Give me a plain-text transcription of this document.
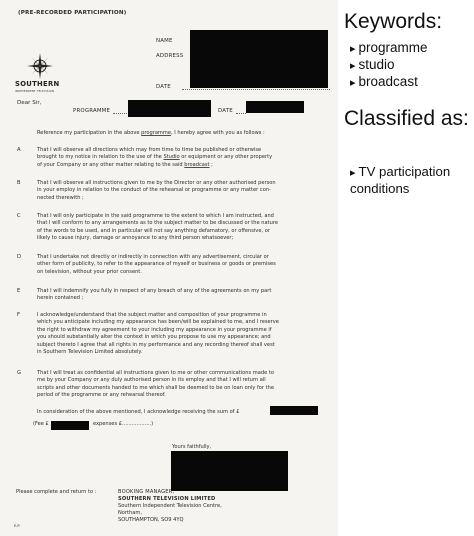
(PRE-RECORDED PARTICIPATION)

NAME

ADDRESS

DATE

SOUTHERN

INDEPENDENT TELEVISION

Dear Sir,

PROGRAMME	DATE

Reference my participation in the above programme, I hereby agree with you as follows :

A	That I will observe all directions which may from time to time be published or otherwise

brought to my notice in relation to the use of the Studio or equipment or any other property

of your Company or any other matter relating to the said broadcast ;

B	That I will observe all instructions given to me by the Director or any other authorised person

in your employ in relation to the conduct of the rehearsal or programme or any matter con-

nected therewith ;

C	That I will only participate in the said programme to the extent to which I am instructed, and

that I will conform to any arrangements as to the subject matter to be discussed or the nature

of the words to be used, and in particular will not say anything defamatory, or offensive, or

likely to cause injury, damage or annoyance to any third person whatsoever;

D	That I undertake not directly or indirectly in connection with any advertisement, circular or

other form of publicity, to refer to the appearance of myself or business or goods or premises

on television, without your prior consent.

E	That I will indemnify you fully in respect of any breach of any of the agreements on my part

herein contained ;

F	I acknowledge/understand that the subject matter and composition of your programme in

which you anticipate including my appearance has been/will be explained to me, and I reserve

the right to withdraw my agreement to your including my appearance in your programme if

you should substantially alter the context in which you propose to use my appearance; and

subject thereto I agree that all rights in my performance and any recording thereof shall vest

in Southern Television Limited absolutely.

G	That I will treat as confidential all instructions given to me or other communications made to

me by your Company or any duly authorised person in its employ and that I will return all

scripts and other documents handed to me which shall be deemed to be on loan only for the

period of the programme or any rehearsal thereof.

In consideration of the above mentioned, I acknowledge receiving the sum of £

(Fee £	expenses £..................)

Yours faithfully,

Please complete and return to :	BOOKING MANAGER,

SOUTHERN TELEVISION LIMITED

Southern Independent Television Centre,

Northam,

SOUTHAMPTON, SO9 4YQ

E.P.

Keywords:

▸ programme

▸ studio

▸ broadcast

Classified as:

▸ TV participation conditions
